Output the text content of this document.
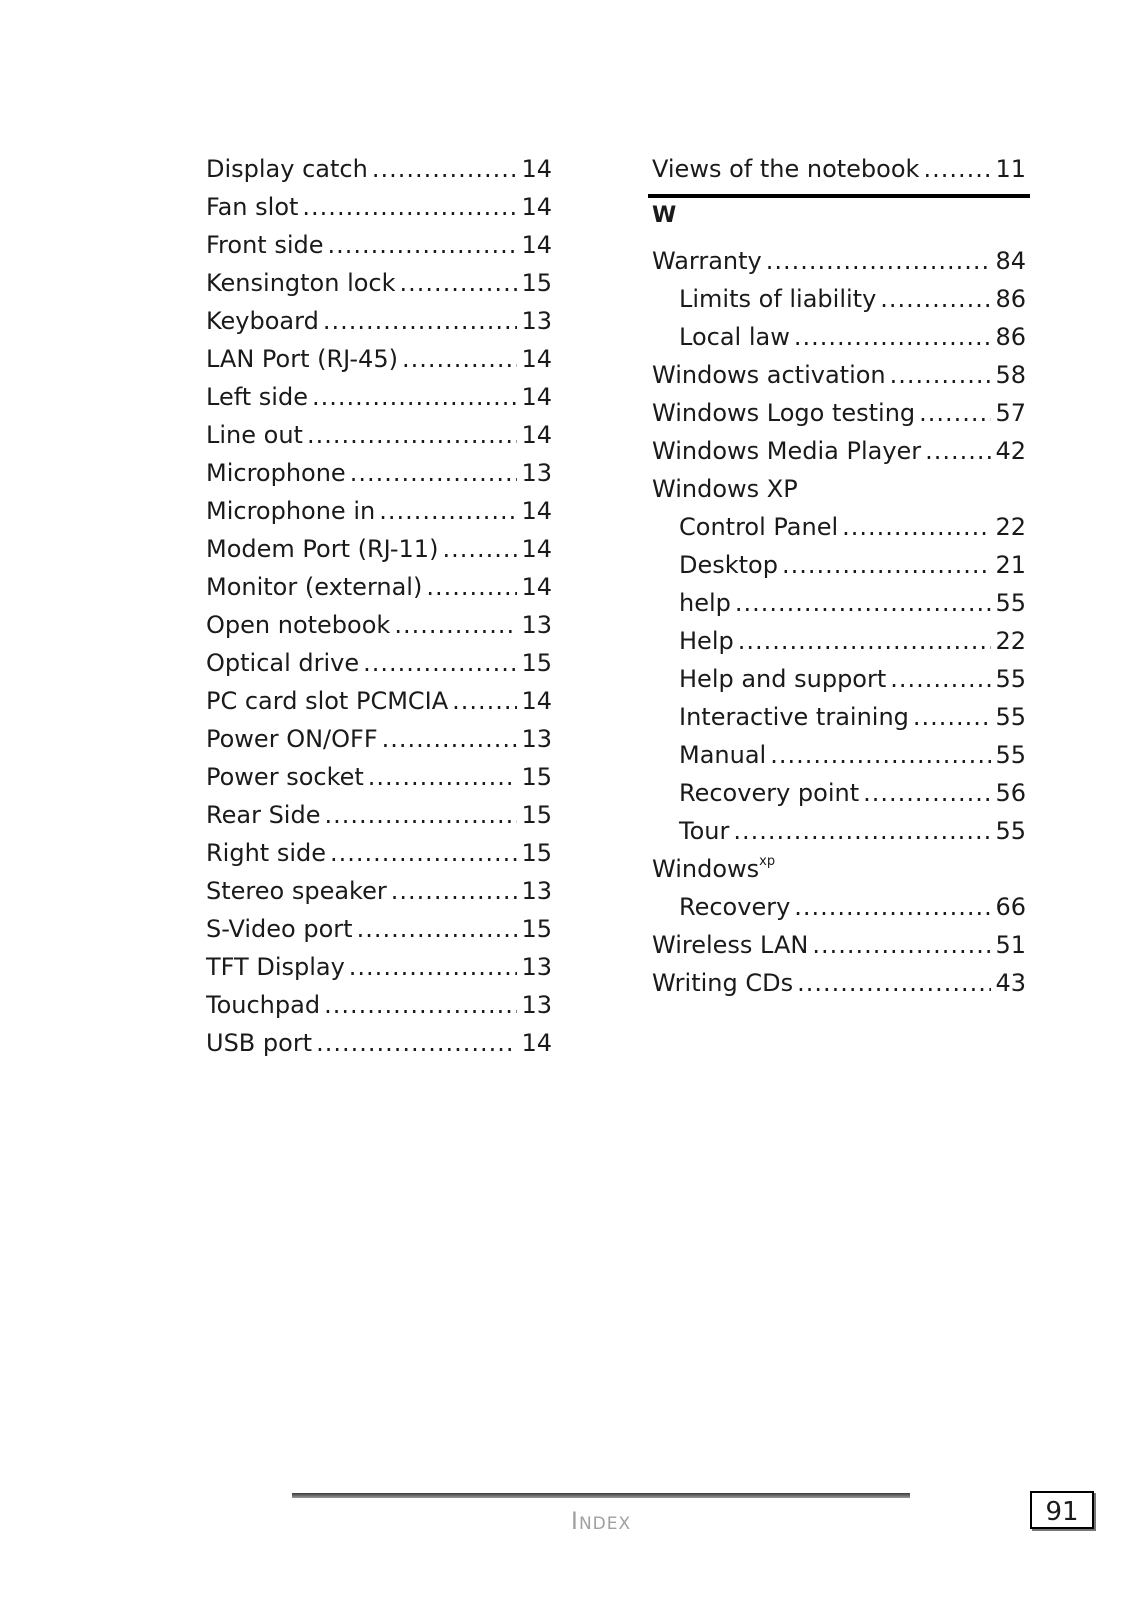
Display catch .....	14
Fan slot .....	14
Front side .....	14
Kensington lock .....	15
Keyboard .....	13
LAN Port (RJ-45) .....	14
Left side .....	14
Line out .....	14
Microphone .....	13
Microphone in .....	14
Modem Port (RJ-11) .....	14
Monitor (external) .....	14
Open notebook .....	13
Optical drive .....	15
PC card slot PCMCIA .....	14
Power ON/OFF .....	13
Power socket .....	15
Rear Side .....	15
Right side .....	15
Stereo speaker .....	13
S-Video port .....	15
TFT Display .....	13
Touchpad .....	13
USB port .....	14
Views of the notebook .....	11
W
Warranty .....	84
Limits of liability .....	86
Local law .....	86
Windows activation .....	58
Windows Logo testing .....	57
Windows Media Player .....	42
Windows XP
Control Panel .....	22
Desktop .....	21
help .....	55
Help .....	22
Help and support .....	55
Interactive training .....	55
Manual .....	55
Recovery point .....	56
Tour .....	55
Windows$^{xp}$
Recovery .....	66
Wireless LAN .....	51
Writing CDs .....	43
Index	91
